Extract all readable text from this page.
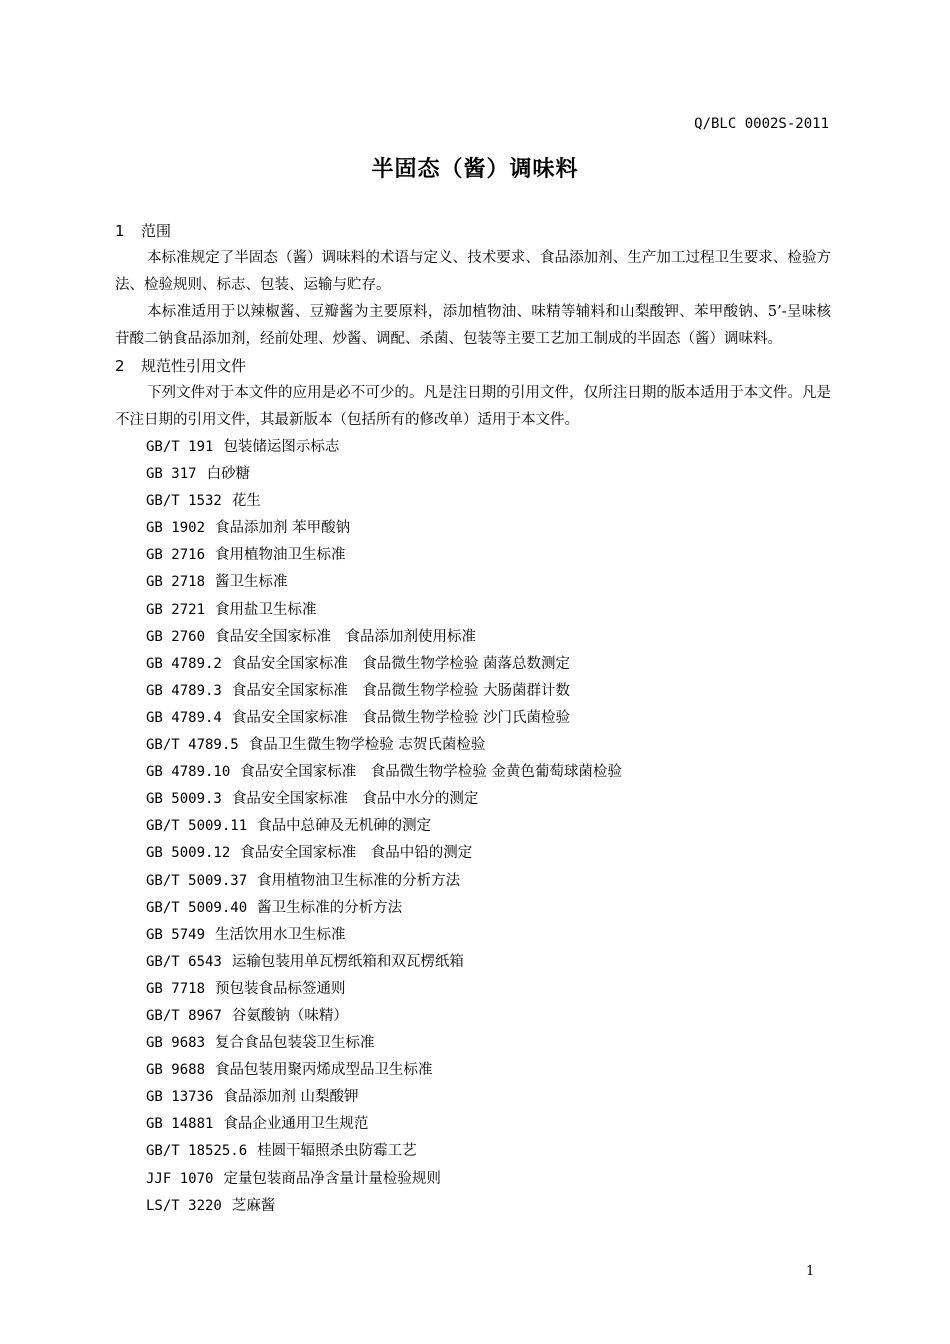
Q/BLC 0002S-2011
半固态（酱）调味料
1 范围
本标准规定了半固态（酱）调味料的术语与定义、技术要求、食品添加剂、生产加工过程卫生要求、检验方法、检验规则、标志、包装、运输与贮存。
本标准适用于以辣椒酱、豆瓣酱为主要原料，添加植物油、味精等辅料和山梨酸钾、苯甲酸钠、5’-呈味核苷酸二钠食品添加剂，经前处理、炒酱、调配、杀菌、包装等主要工艺加工制成的半固态（酱）调味料。
2 规范性引用文件
下列文件对于本文件的应用是必不可少的。凡是注日期的引用文件，仅所注日期的版本适用于本文件。凡是不注日期的引用文件，其最新版本（包括所有的修改单）适用于本文件。
GB/T 191 包装储运图示标志
GB 317 白砂糖
GB/T 1532 花生
GB 1902 食品添加剂 苯甲酸钠
GB 2716 食用植物油卫生标准
GB 2718 酱卫生标准
GB 2721 食用盐卫生标准
GB 2760 食品安全国家标准　食品添加剂使用标准
GB 4789.2 食品安全国家标准　食品微生物学检验 菌落总数测定
GB 4789.3 食品安全国家标准　食品微生物学检验 大肠菌群计数
GB 4789.4 食品安全国家标准　食品微生物学检验 沙门氏菌检验
GB/T 4789.5 食品卫生微生物学检验 志贺氏菌检验
GB 4789.10 食品安全国家标准　食品微生物学检验 金黄色葡萄球菌检验
GB 5009.3 食品安全国家标准　食品中水分的测定
GB/T 5009.11 食品中总砷及无机砷的测定
GB 5009.12 食品安全国家标准　食品中铅的测定
GB/T 5009.37 食用植物油卫生标准的分析方法
GB/T 5009.40 酱卫生标准的分析方法
GB 5749 生活饮用水卫生标准
GB/T 6543 运输包装用单瓦楞纸箱和双瓦楞纸箱
GB 7718 预包装食品标签通则
GB/T 8967 谷氨酸钠（味精）
GB 9683 复合食品包装袋卫生标准
GB 9688 食品包装用聚丙烯成型品卫生标准
GB 13736 食品添加剂 山梨酸钾
GB 14881 食品企业通用卫生规范
GB/T 18525.6 桂圆干辐照杀虫防霉工艺
JJF 1070 定量包装商品净含量计量检验规则
LS/T 3220 芝麻酱
1
